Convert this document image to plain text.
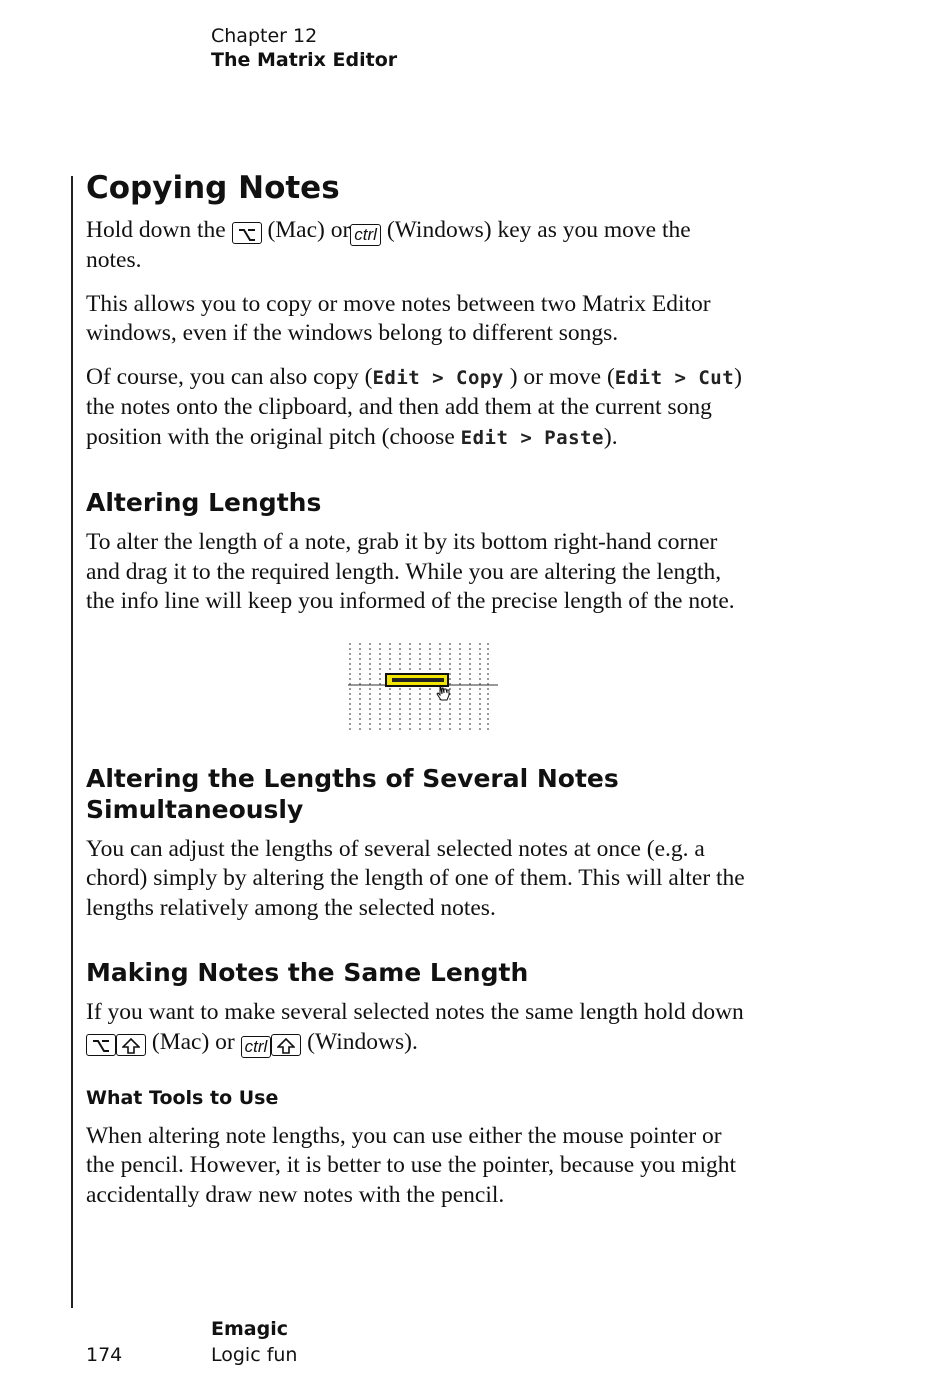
Chapter 12
The Matrix Editor
Copying Notes

Hold down the (Mac) or ctrl (Windows) key as you move the notes.

This allows you to copy or move notes between two Matrix Editor windows, even if the windows belong to different songs.

Of course, you can also copy (Edit > Copy ) or move (Edit > Cut) the notes onto the clipboard, and then add them at the current song position with the original pitch (choose Edit > Paste).

Altering Lengths

To alter the length of a note, grab it by its bottom right-hand corner and drag it to the required length. While you are altering the length, the info line will keep you informed of the precise length of the note.

Altering the Lengths of Several Notes Simultaneously

You can adjust the lengths of several selected notes at once (e.g. a chord) simply by altering the length of one of them. This will alter the lengths relatively among the selected notes.

Making Notes the Same Length

If you want to make several selected notes the same length hold down  (Mac) or ctrl (Windows).

What Tools to Use

When altering note lengths, you can use either the mouse pointer or the pencil. However, it is better to use the pointer, because you might accidentally draw new notes with the pencil.

Emagic
174	Logic fun
